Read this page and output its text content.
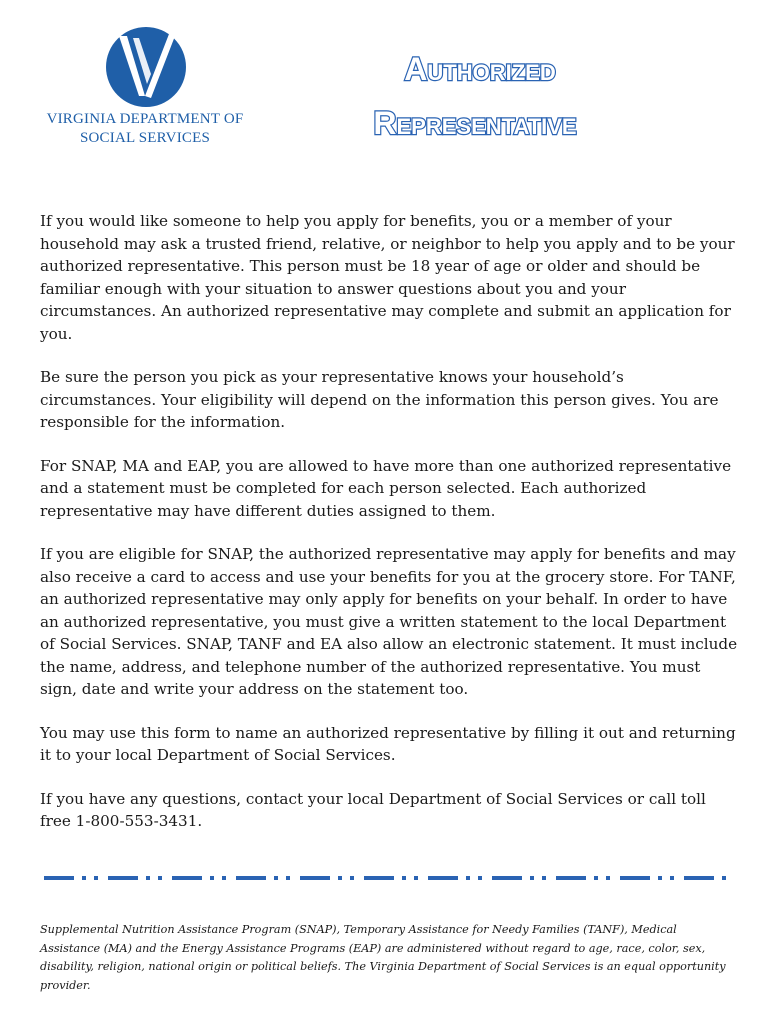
VIRGINIA DEPARTMENT OF
SOCIAL SERVICES
Authorized
Representative

If you would like someone to help you apply for benefits, you or a member of your household may ask a trusted friend, relative, or neighbor to help you apply and to be your authorized representative. This person must be 18 year of age or older and should be familiar enough with your situation to answer questions about you and your circumstances. An authorized representative may complete and submit an application for you.

Be sure the person you pick as your representative knows your household’s circumstances. Your eligibility will depend on the information this person gives. You are responsible for the information.

For SNAP, MA and EAP, you are allowed to have more than one authorized representative and a statement must be completed for each person selected. Each authorized representative may have different duties assigned to them.

If you are eligible for SNAP, the authorized representative may apply for benefits and may also receive a card to access and use your benefits for you at the grocery store. For TANF, an authorized representative may only apply for benefits on your behalf. In order to have an authorized representative, you must give a written statement to the local Department of Social Services. SNAP, TANF and EA also allow an electronic statement. It must include the name, address, and telephone number of the authorized representative. You must sign, date and write your address on the statement too.

You may use this form to name an authorized representative by filling it out and returning it to your local Department of Social Services.

If you have any questions, contact your local Department of Social Services or call toll free 1-800-553-3431.

Supplemental Nutrition Assistance Program (SNAP), Temporary Assistance for Needy Families (TANF), Medical Assistance (MA) and the Energy Assistance Programs (EAP) are administered without regard to age, race, color, sex, disability, religion, national origin or political beliefs. The Virginia Department of Social Services is an equal opportunity provider.
